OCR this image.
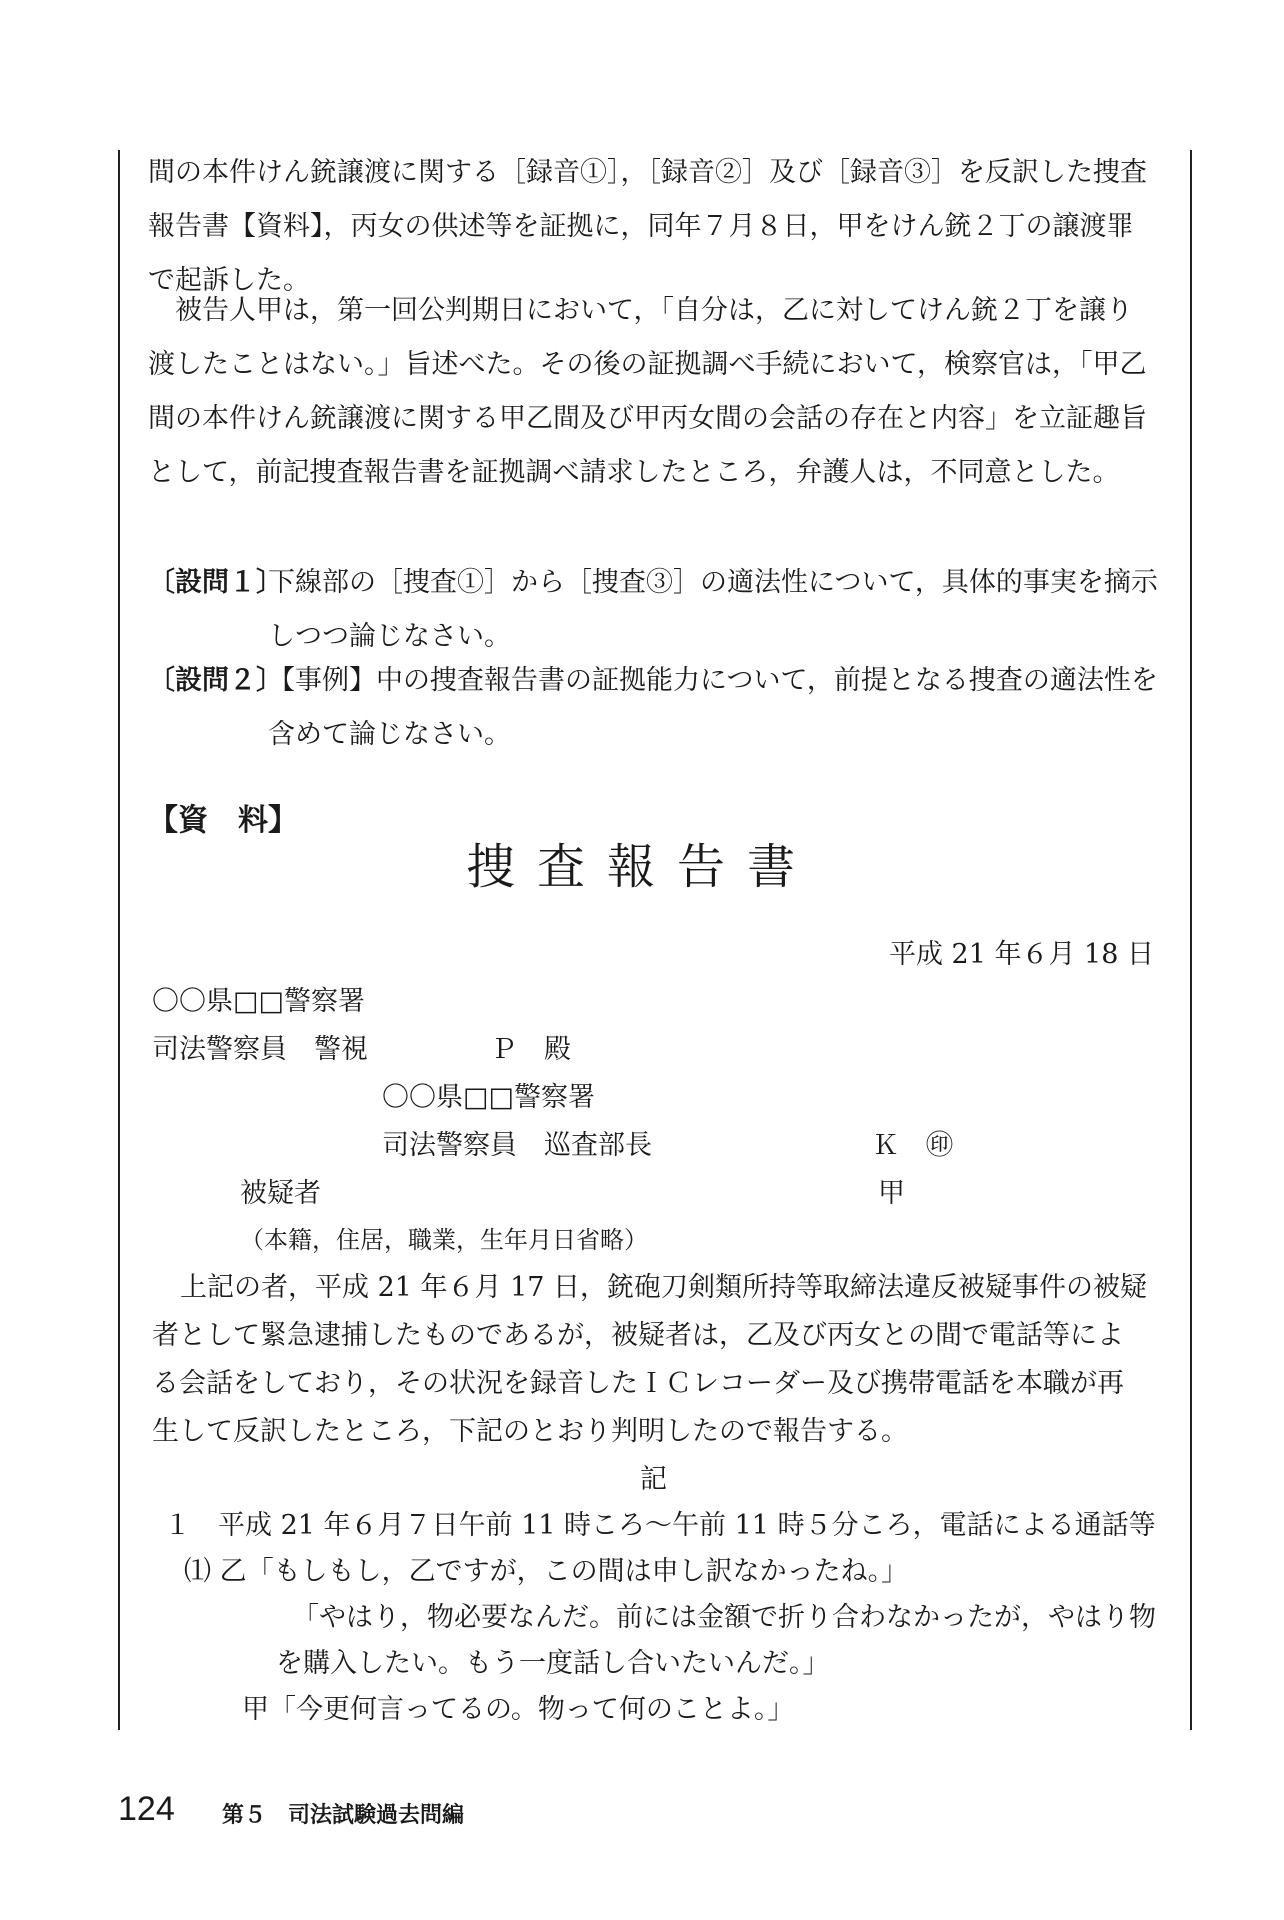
間の本件けん銃譲渡に関する［録音①］，［録音②］及び［録音③］を反訳した捜査報告書【資料】，丙女の供述等を証拠に，同年７月８日，甲をけん銃２丁の譲渡罪で起訴した。

被告人甲は，第一回公判期日において，「自分は，乙に対してけん銃２丁を譲り渡したことはない。」旨述べた。その後の証拠調べ手続において，検察官は，「甲乙間の本件けん銃譲渡に関する甲乙間及び甲丙女間の会話の存在と内容」を立証趣旨として，前記捜査報告書を証拠調べ請求したところ，弁護人は，不同意とした。

〔設問１〕
下線部の［捜査①］から［捜査③］の適法性について，具体的事実を摘示しつつ論じなさい。
〔設問２〕
【事例】中の捜査報告書の証拠能力について，前提となる捜査の適法性を含めて論じなさい。
【資　料】
捜査報告書
平成 21 年６月 18 日
〇〇県□□警察署
司法警察員　警視	Ｐ　殿
〇〇県□□警察署
司法警察員　巡査部長	Ｋ　㊞
被疑者	甲
（本籍，住居，職業，生年月日省略）
上記の者，平成 21 年６月 17 日，銃砲刀剣類所持等取締法違反被疑事件の被疑
者として緊急逮捕したものであるが，被疑者は，乙及び丙女との間で電話等によ
る会話をしており，その状況を録音したＩＣレコーダー及び携帯電話を本職が再
生して反訳したところ，下記のとおり判明したので報告する。
記
１　平成 21 年６月７日午前 11 時ころ～午前 11 時５分ころ，電話による通話等
⑴ 乙「もしもし，乙ですが，この間は申し訳なかったね。」
「やはり，物必要なんだ。前には金額で折り合わなかったが，やはり物
を購入したい。もう一度話し合いたいんだ。」
甲「今更何言ってるの。物って何のことよ。」
124 第５　司法試験過去問編
